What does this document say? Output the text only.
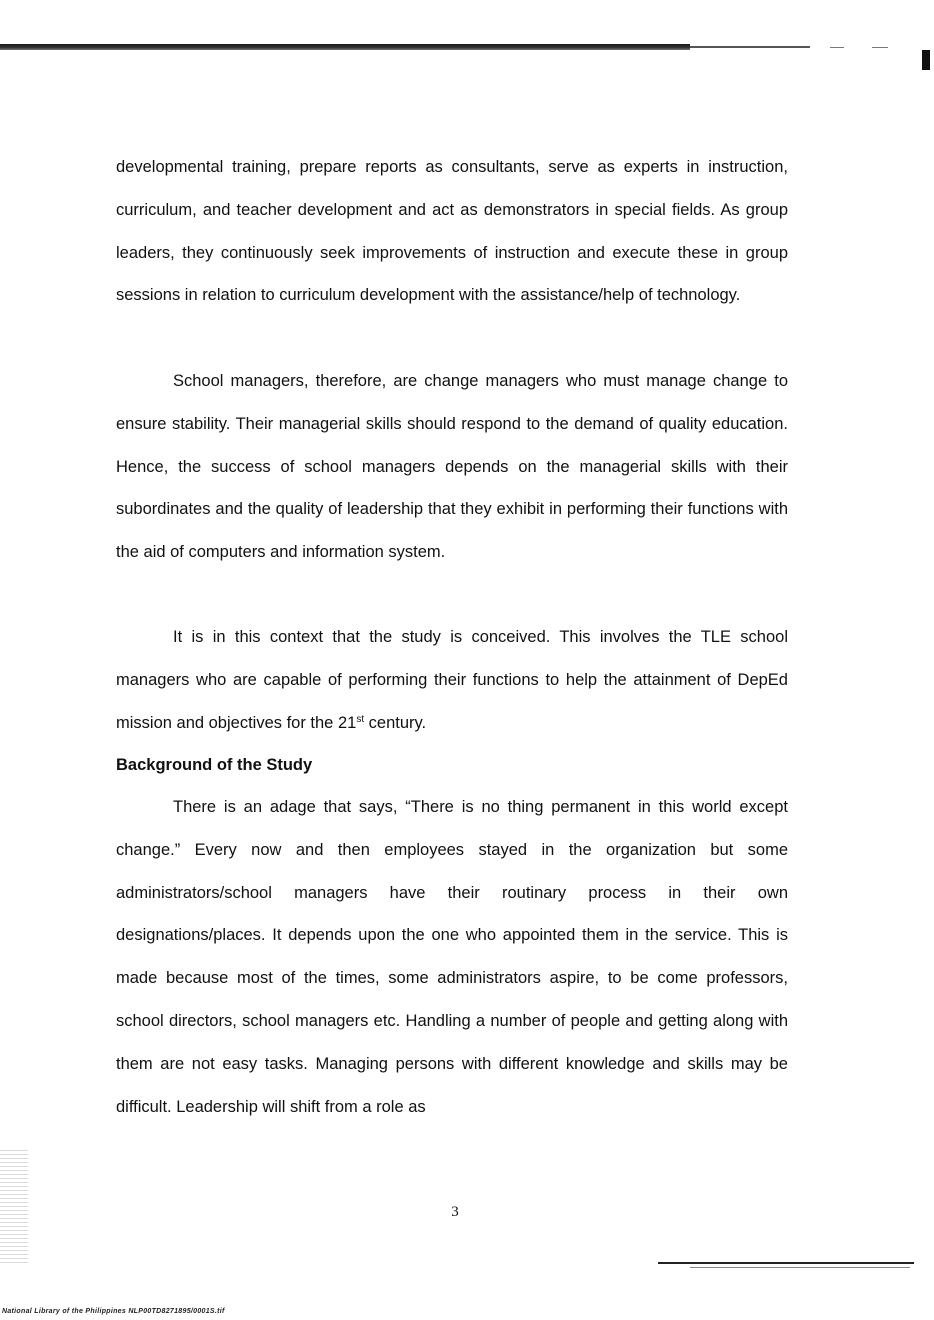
developmental training, prepare reports as consultants, serve as experts in instruction, curriculum, and teacher development and act as demonstrators in special fields. As group leaders, they continuously seek improvements of instruction and execute these in group sessions in relation to curriculum development with the assistance/help of technology.

School managers, therefore, are change managers who must manage change to ensure stability. Their managerial skills should respond to the demand of quality education. Hence, the success of school managers depends on the managerial skills with their subordinates and the quality of leadership that they exhibit in performing their functions with the aid of computers and information system.

It is in this context that the study is conceived. This involves the TLE school managers who are capable of performing their functions to help the attainment of DepEd mission and objectives for the 21st century.

Background of the Study

There is an adage that says, “There is no thing permanent in this world except change.” Every now and then employees stayed in the organization but some administrators/school managers have their routinary process in their own designations/places. It depends upon the one who appointed them in the service. This is made because most of the times, some administrators aspire, to be come professors, school directors, school managers etc. Handling a number of people and getting along with them are not easy tasks. Managing persons with different knowledge and skills may be difficult. Leadership will shift from a role as

3
National Library of the Philippines NLP00TD8271895/0001S.tif
